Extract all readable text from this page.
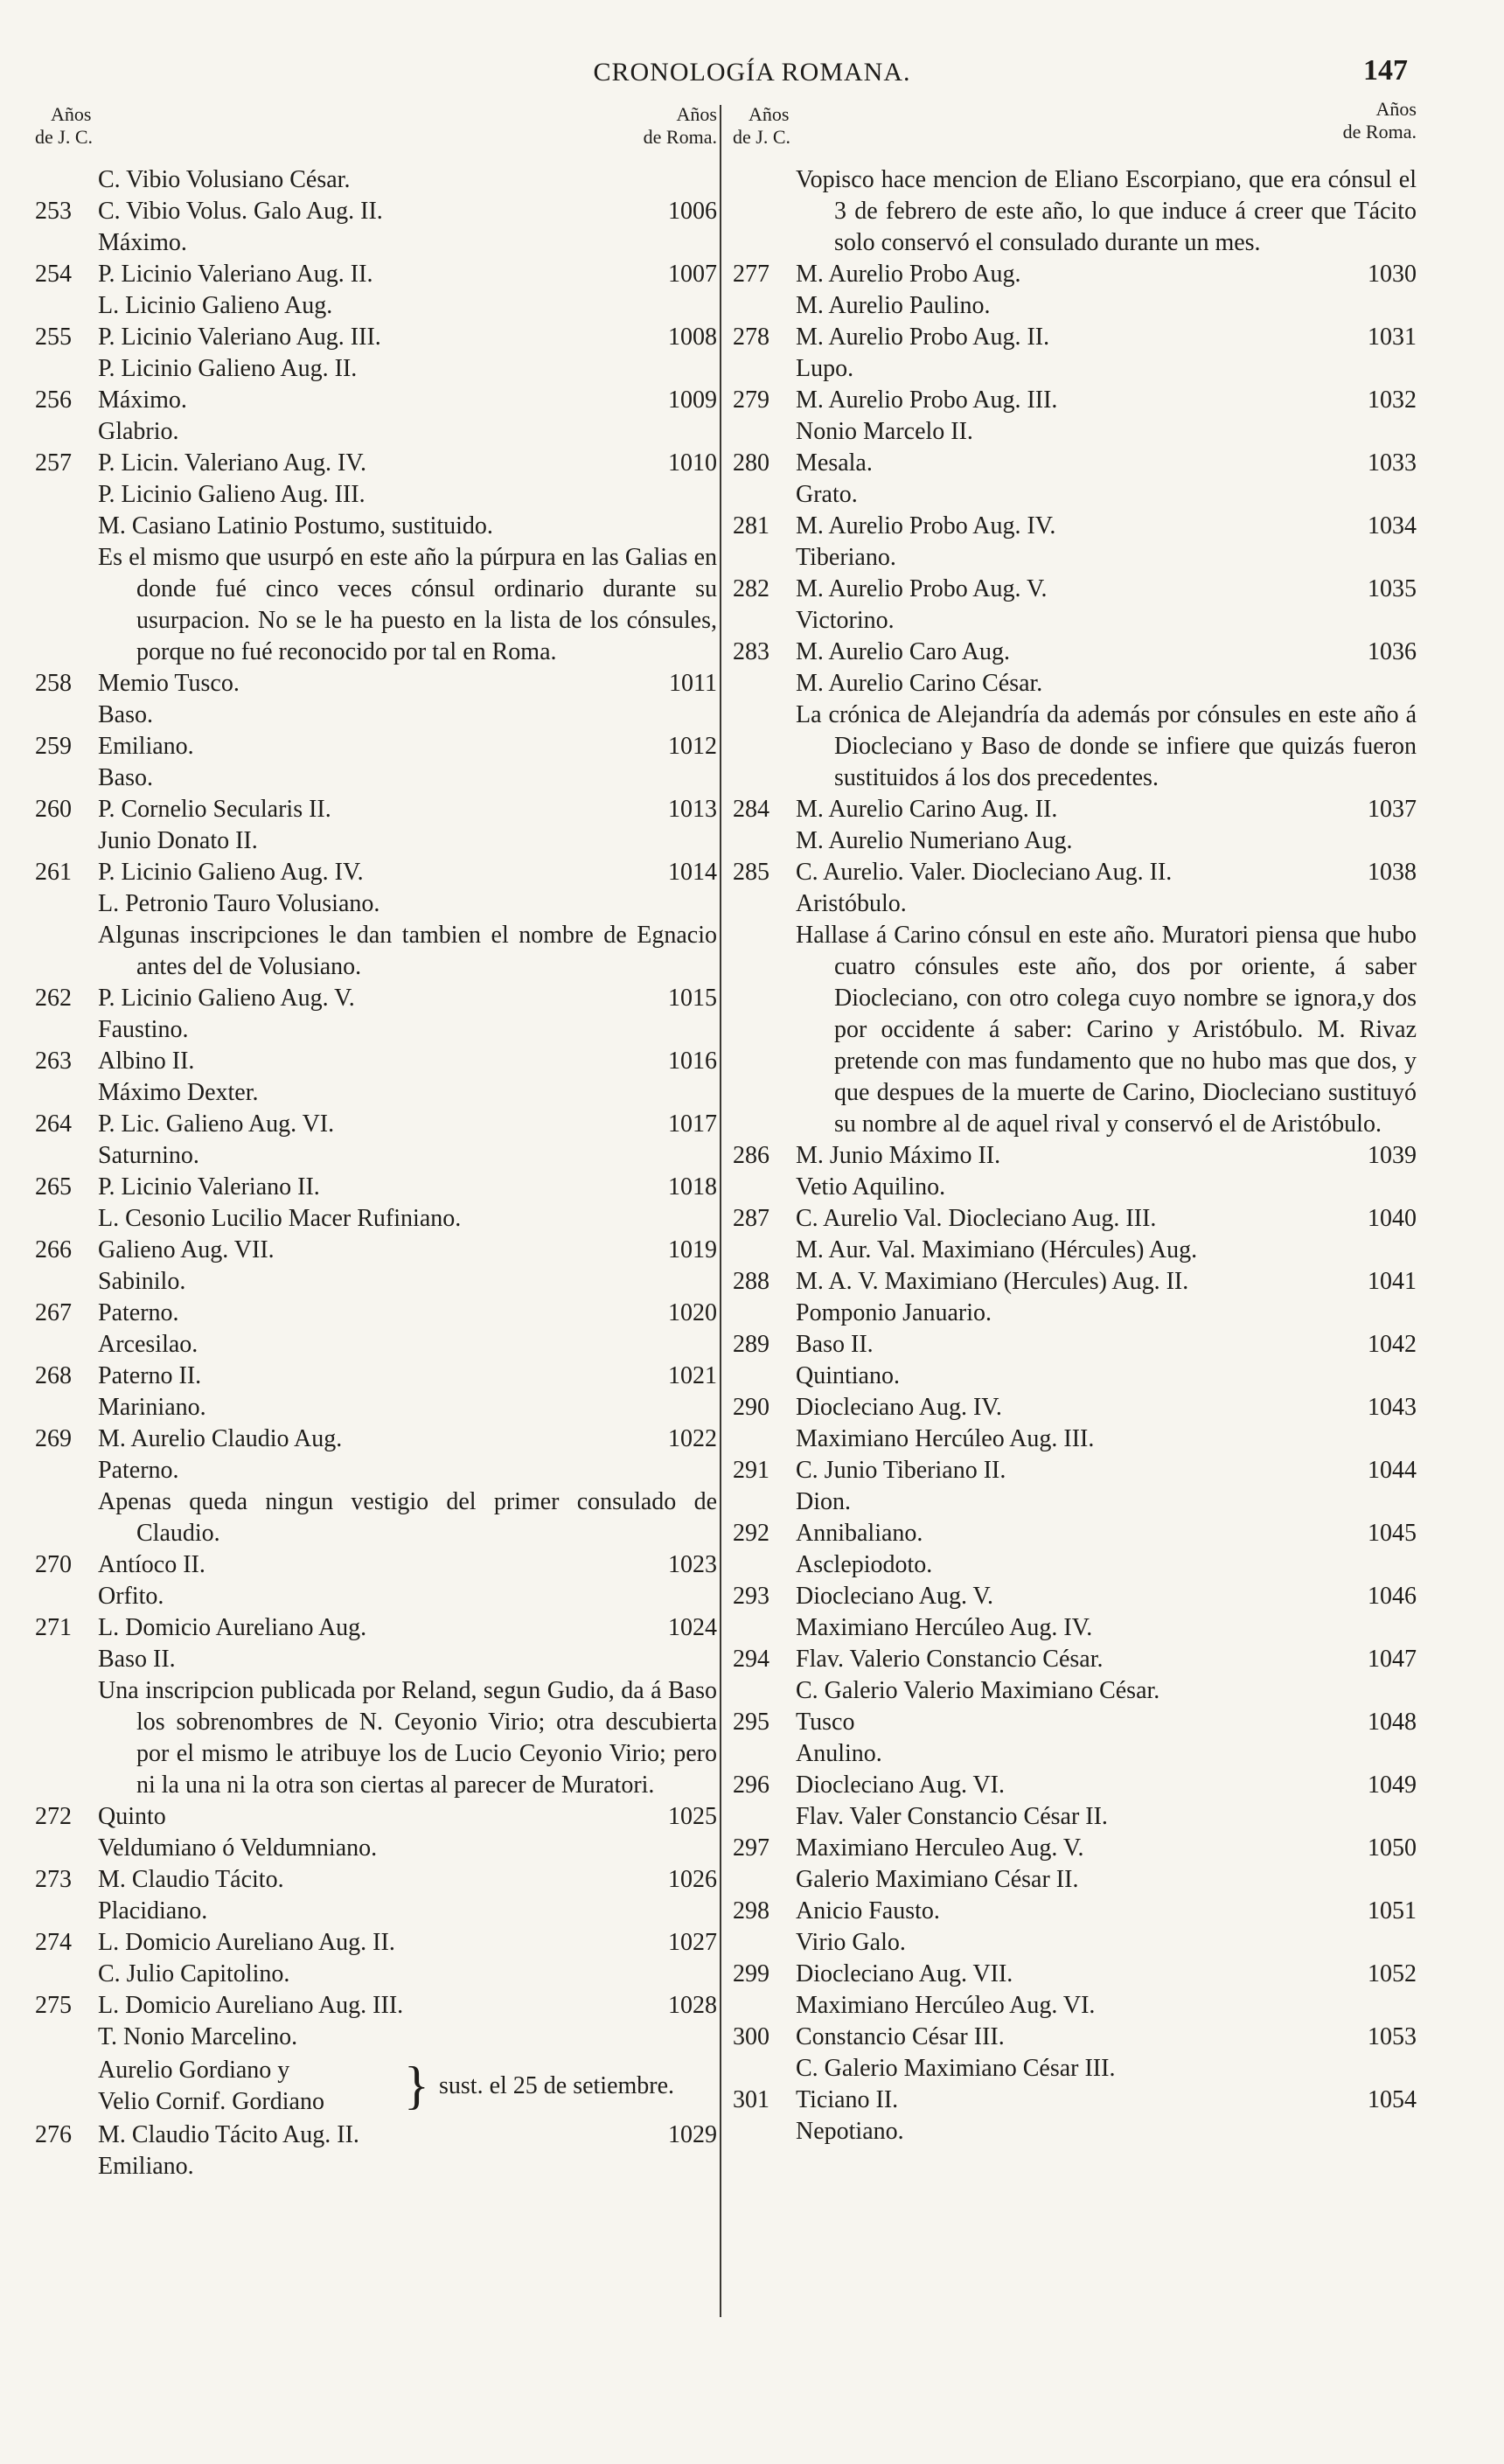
CRONOLOGÍA ROMANA.	147
Años
de J. C.
Años
de Roma.
C. Vibio Volusiano César.
253	C. Vibio Volus. Galo Aug. II.	1006
Máximo.
254	P. Licinio Valeriano Aug. II.	1007
L. Licinio Galieno Aug.
255	P. Licinio Valeriano Aug. III.	1008
P. Licinio Galieno Aug. II.
256	Máximo.	1009
Glabrio.
257	P. Licin. Valeriano Aug. IV.	1010
P. Licinio Galieno Aug. III.
M. Casiano Latinio Postumo, sustituido.

Es el mismo que usurpó en este año la púrpura en las Galias en donde fué cinco veces cónsul ordinario durante su usurpacion. No se le ha puesto en la lista de los cónsules, porque no fué reconocido por tal en Roma.

258	Memio Tusco.	1011
Baso.
259	Emiliano.	1012
Baso.
260	P. Cornelio Secularis II.	1013
Junio Donato II.
261	P. Licinio Galieno Aug. IV.	1014
L. Petronio Tauro Volusiano.

Algunas inscripciones le dan tambien el nombre de Egnacio antes del de Volusiano.

262	P. Licinio Galieno Aug. V.	1015
Faustino.
263	Albino II.	1016
Máximo Dexter.
264	P. Lic. Galieno Aug. VI.	1017
Saturnino.
265	P. Licinio Valeriano II.	1018
L. Cesonio Lucilio Macer Rufiniano.
266	Galieno Aug. VII.	1019
Sabinilo.
267	Paterno.	1020
Arcesilao.
268	Paterno II.	1021
Mariniano.
269	M. Aurelio Claudio Aug.	1022
Paterno.

Apenas queda ningun vestigio del primer consulado de Claudio.

270	Antíoco II.	1023
Orfito.
271	L. Domicio Aureliano Aug.	1024
Baso II.

Una inscripcion publicada por Reland, segun Gudio, da á Baso los sobrenombres de N. Ceyonio Virio; otra descubierta por el mismo le atribuye los de Lucio Ceyonio Virio; pero ni la una ni la otra son ciertas al parecer de Muratori.

272	Quinto	1025
Veldumiano ó Veldumniano.
273	M. Claudio Tácito.	1026
Placidiano.
274	L. Domicio Aureliano Aug. II.	1027
C. Julio Capitolino.
275	L. Domicio Aureliano Aug. III.	1028
T. Nonio Marcelino.
Aurelio Gordiano y
Velio Cornif. Gordiano } sust. el 25 de setiembre.
276	M. Claudio Tácito Aug. II.	1029
Emiliano.
Años
de J. C.
Años
de Roma.

Vopisco hace mencion de Eliano Escorpiano, que era cónsul el 3 de febrero de este año, lo que induce á creer que Tácito solo conservó el consulado durante un mes.

277	M. Aurelio Probo Aug.	1030
M. Aurelio Paulino.
278	M. Aurelio Probo Aug. II.	1031
Lupo.
279	M. Aurelio Probo Aug. III.	1032
Nonio Marcelo II.
280	Mesala.	1033
Grato.
281	M. Aurelio Probo Aug. IV.	1034
Tiberiano.
282	M. Aurelio Probo Aug. V.	1035
Victorino.
283	M. Aurelio Caro Aug.	1036
M. Aurelio Carino César.

La crónica de Alejandría da además por cónsules en este año á Diocleciano y Baso de donde se infiere que quizás fueron sustituidos á los dos precedentes.

284	M. Aurelio Carino Aug. II.	1037
M. Aurelio Numeriano Aug.
285	C. Aurelio. Valer. Diocleciano Aug. II.	1038
Aristóbulo.

Hallase á Carino cónsul en este año. Muratori piensa que hubo cuatro cónsules este año, dos por oriente, á saber Diocleciano, con otro colega cuyo nombre se ignora,y dos por occidente á saber: Carino y Aristóbulo. M. Rivaz pretende con mas fundamento que no hubo mas que dos, y que despues de la muerte de Carino, Diocleciano sustituyó su nombre al de aquel rival y conservó el de Aristóbulo.

286	M. Junio Máximo II.	1039
Vetio Aquilino.
287	C. Aurelio Val. Diocleciano Aug. III.	1040
M. Aur. Val. Maximiano (Hércules) Aug.
288	M. A. V. Maximiano (Hercules) Aug. II.	1041
Pomponio Januario.
289	Baso II.	1042
Quintiano.
290	Diocleciano Aug. IV.	1043
Maximiano Hercúleo Aug. III.
291	C. Junio Tiberiano II.	1044
Dion.
292	Annibaliano.	1045
Asclepiodoto.
293	Diocleciano Aug. V.	1046
Maximiano Hercúleo Aug. IV.
294	Flav. Valerio Constancio César.	1047
C. Galerio Valerio Maximiano César.
295	Tusco	1048
Anulino.
296	Diocleciano Aug. VI.	1049
Flav. Valer Constancio César II.
297	Maximiano Herculeo Aug. V.	1050
Galerio Maximiano César II.
298	Anicio Fausto.	1051
Virio Galo.
299	Diocleciano Aug. VII.	1052
Maximiano Hercúleo Aug. VI.
300	Constancio César III.	1053
C. Galerio Maximiano César III.
301	Ticiano II.	1054
Nepotiano.
